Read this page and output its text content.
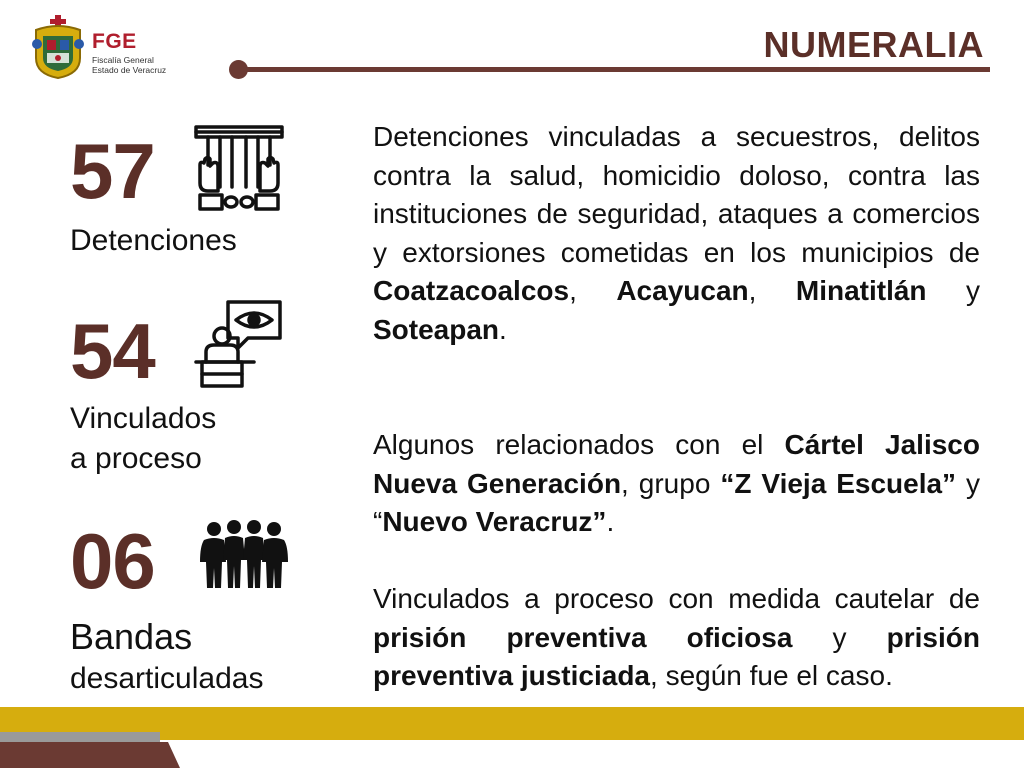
FGE
Fiscalía General
Estado de Veracruz
NUMERALIA
57
Detenciones
54
Vinculados
a proceso
06
Bandas
desarticuladas

Detenciones vinculadas a secuestros, delitos contra la salud, homicidio doloso, contra las instituciones de seguridad, ataques a comercios y extorsiones cometidas en los municipios de Coatzacoalcos, Acayucan, Minatitlán y Soteapan.

Algunos relacionados con el Cártel Jalisco Nueva Generación, grupo “Z Vieja Escuela” y “Nuevo Veracruz”.

Vinculados a proceso con medida cautelar de prisión preventiva oficiosa y prisión preventiva justiciada, según fue el caso.
